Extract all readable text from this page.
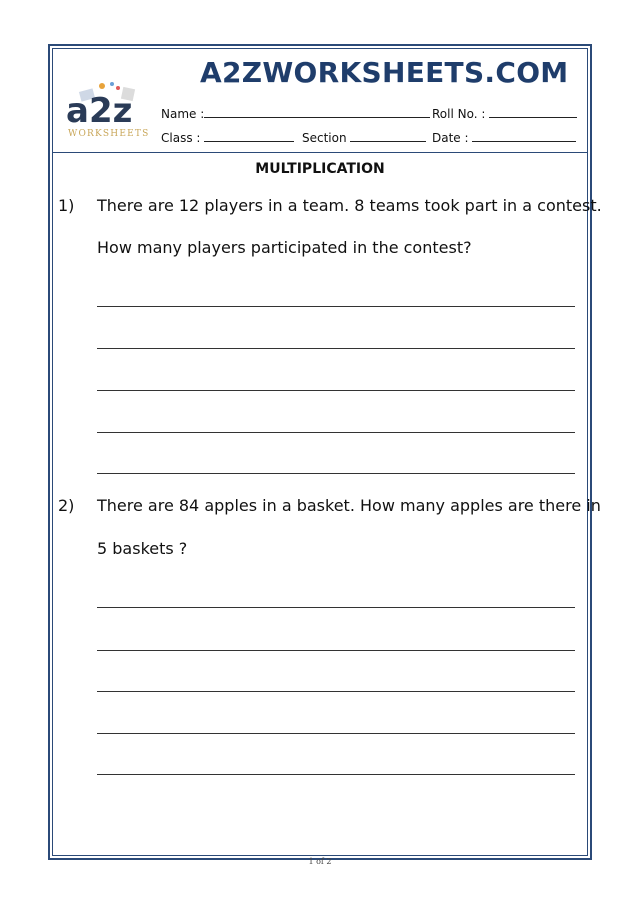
a2z
WORKSHEETS
A2ZWORKSHEETS.COM
Name :	Roll No. :
Class :	Section	Date :
MULTIPLICATION
1) There are 12 players in a team. 8 teams took part in a contest.
How many players participated in the contest?
2) There are 84 apples in a basket. How many apples are there in
5 baskets ?
1 of 2
